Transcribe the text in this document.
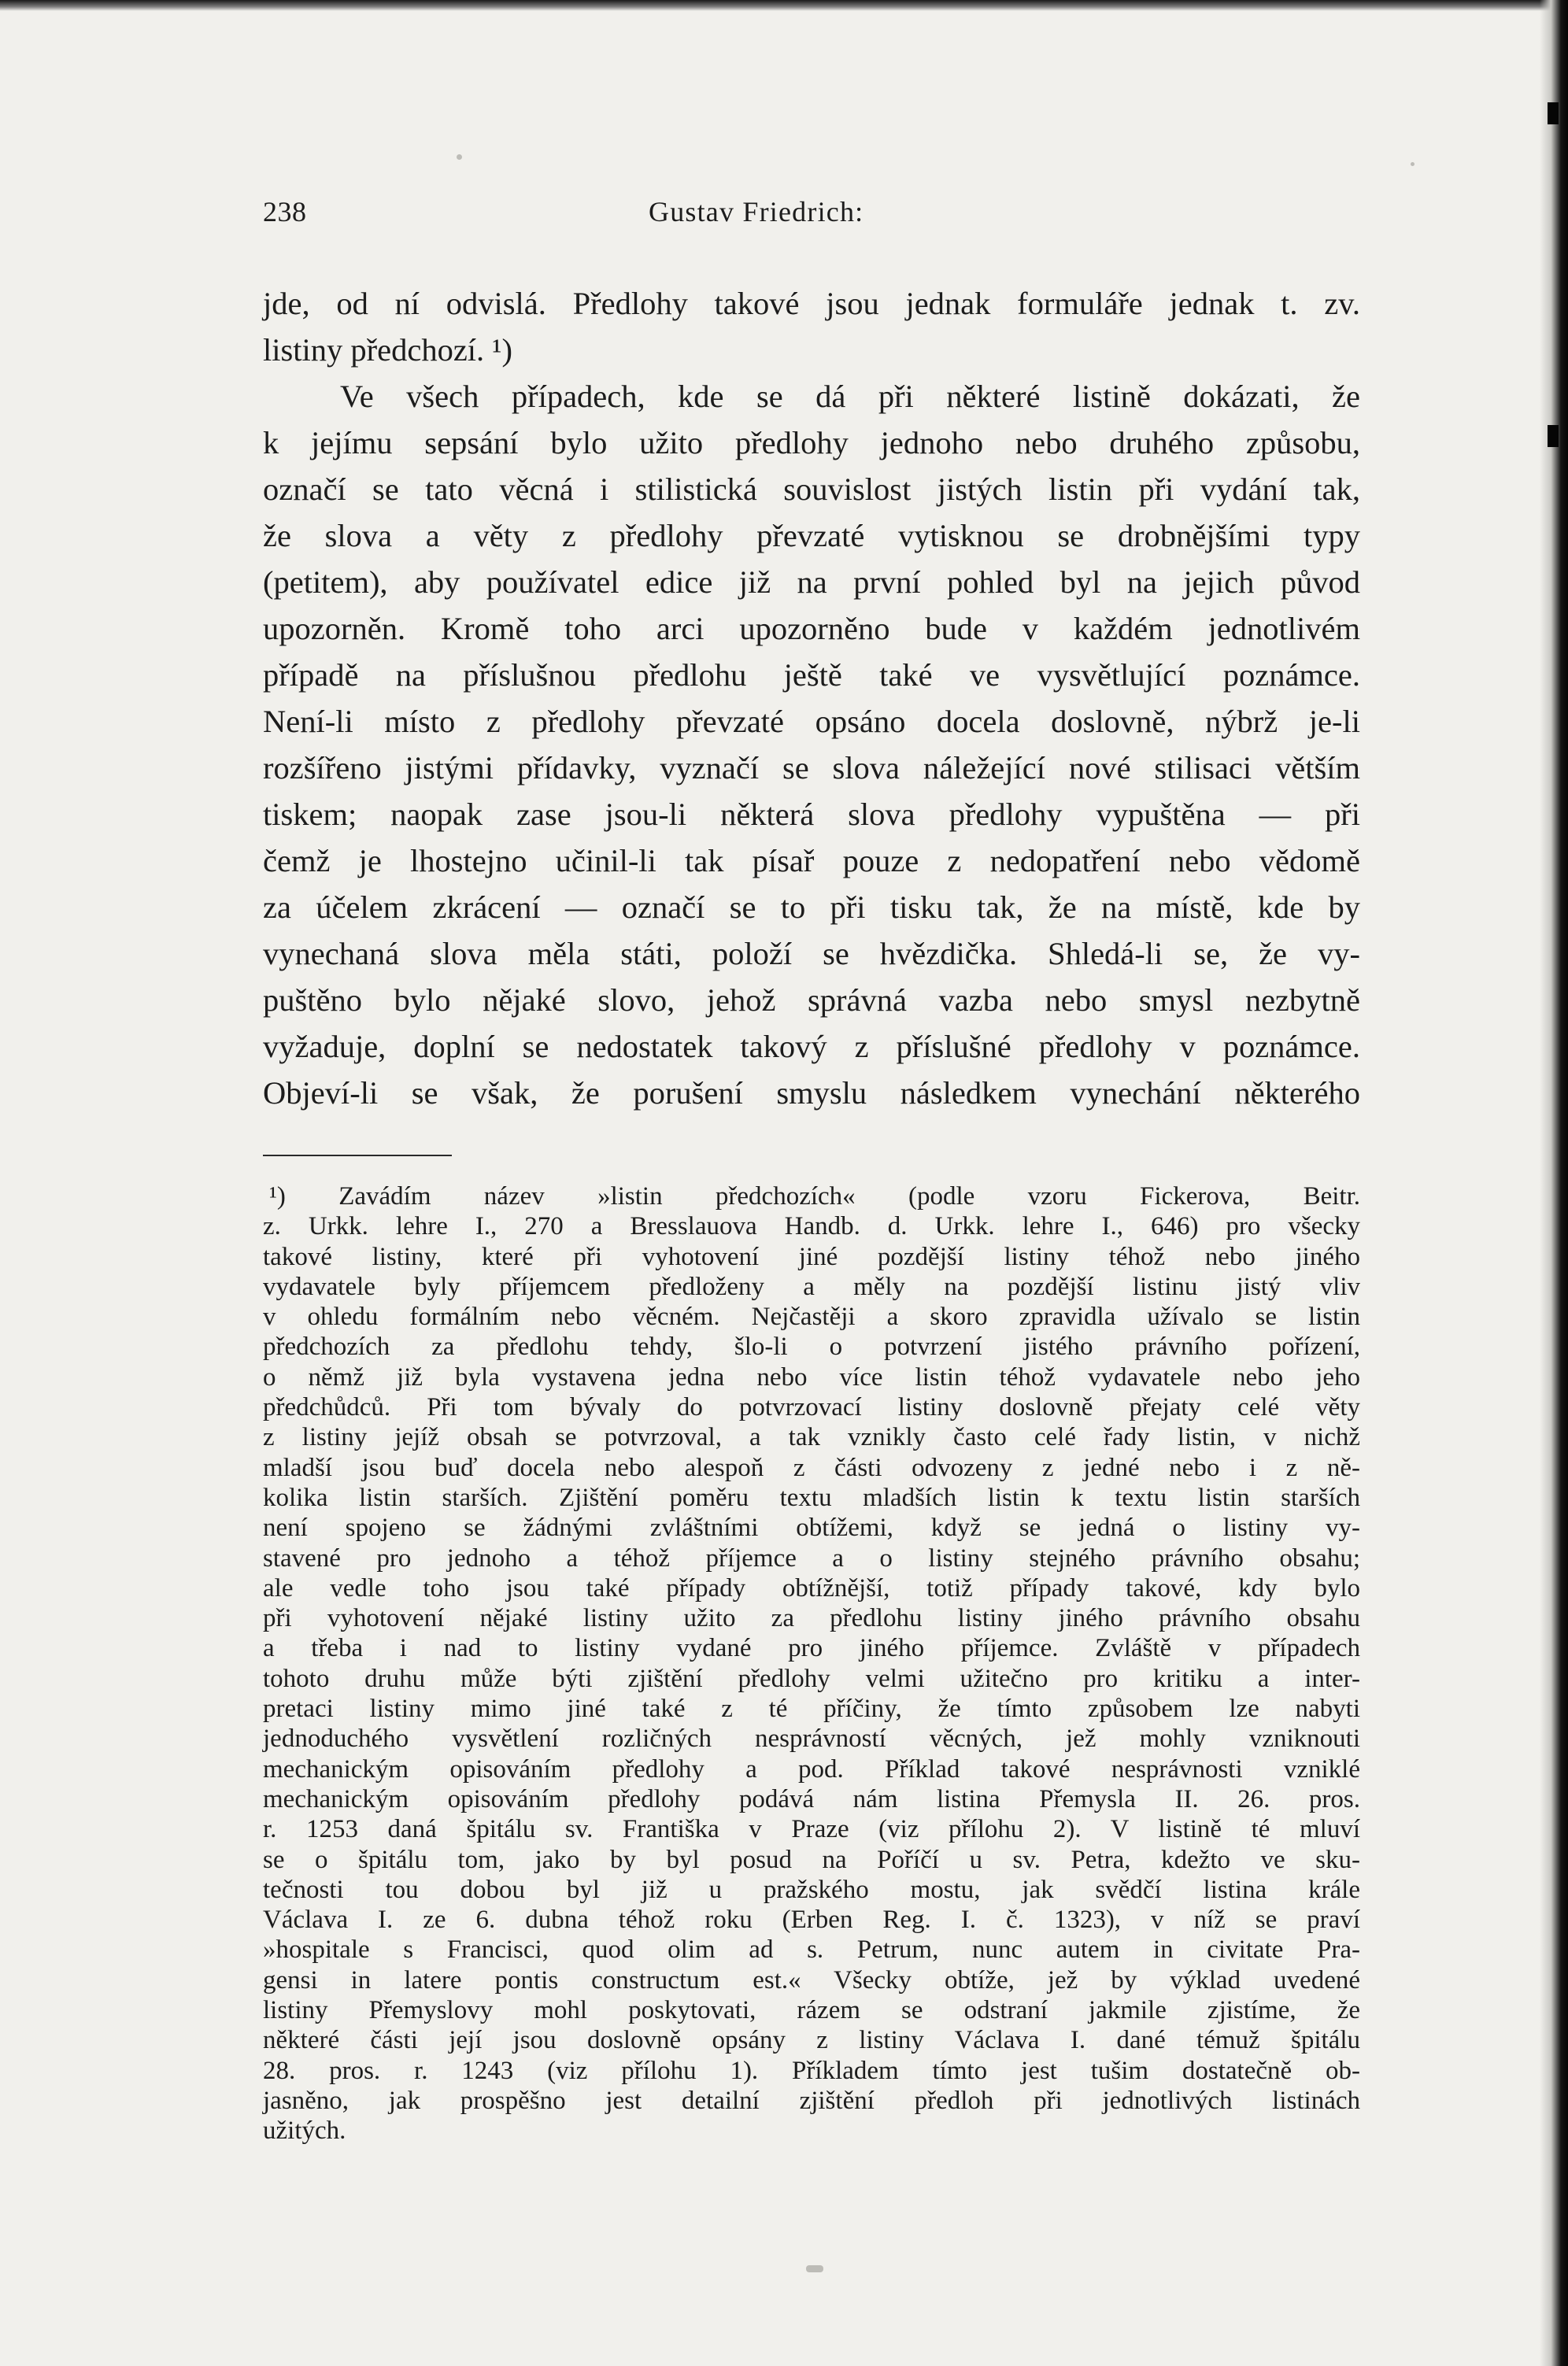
238	Gustav Friedrich:
jde, od ní odvislá. Předlohy takové jsou jednak formuláře jednak t. zv.
listiny předchozí. ¹)
Ve všech případech, kde se dá při některé listině dokázati, že
k jejímu sepsání bylo užito předlohy jednoho nebo druhého způsobu,
označí se tato věcná i stilistická souvislost jistých listin při vydání tak,
že slova a věty z předlohy převzaté vytisknou se drobnějšími typy
(petitem), aby používatel edice již na první pohled byl na jejich původ
upozorněn. Kromě toho arci upozorněno bude v každém jednotlivém
případě na příslušnou předlohu ještě také ve vysvětlující poznámce.
Není-li místo z předlohy převzaté opsáno docela doslovně, nýbrž je-li
rozšířeno jistými přídavky, vyznačí se slova náležející nové stilisaci větším
tiskem; naopak zase jsou-li některá slova předlohy vypuštěna — při
čemž je lhostejno učinil-li tak písař pouze z nedopatření nebo vědomě
za účelem zkrácení — označí se to při tisku tak, že na místě, kde by
vynechaná slova měla státi, položí se hvězdička. Shledá-li se, že vy-
puštěno bylo nějaké slovo, jehož správná vazba nebo smysl nezbytně
vyžaduje, doplní se nedostatek takový z příslušné předlohy v poznámce.
Objeví-li se však, že porušení smyslu následkem vynechání některého
¹) Zavádím název »listin předchozích« (podle vzoru Fickerova, Beitr.
z. Urkk. lehre I., 270 a Bresslauova Handb. d. Urkk. lehre I., 646) pro všecky
takové listiny, které při vyhotovení jiné pozdější listiny téhož nebo jiného
vydavatele byly příjemcem předloženy a měly na pozdější listinu jistý vliv
v ohledu formálním nebo věcném. Nejčastěji a skoro zpravidla užívalo se listin
předchozích za předlohu tehdy, šlo-li o potvrzení jistého právního pořízení,
o němž již byla vystavena jedna nebo více listin téhož vydavatele nebo jeho
předchůdců. Při tom bývaly do potvrzovací listiny doslovně přejaty celé věty
z listiny jejíž obsah se potvrzoval, a tak vznikly často celé řady listin, v nichž
mladší jsou buď docela nebo alespoň z části odvozeny z jedné nebo i z ně-
kolika listin starších. Zjištění poměru textu mladších listin k textu listin starších
není spojeno se žádnými zvláštními obtížemi, když se jedná o listiny vy-
stavené pro jednoho a téhož příjemce a o listiny stejného právního obsahu;
ale vedle toho jsou také případy obtížnější, totiž případy takové, kdy bylo
při vyhotovení nějaké listiny užito za předlohu listiny jiného právního obsahu
a třeba i nad to listiny vydané pro jiného příjemce. Zvláště v případech
tohoto druhu může býti zjištění předlohy velmi užitečno pro kritiku a inter-
pretaci listiny mimo jiné také z té příčiny, že tímto způsobem lze nabyti
jednoduchého vysvětlení rozličných nesprávností věcných, jež mohly vzniknouti
mechanickým opisováním předlohy a pod. Příklad takové nesprávnosti vzniklé
mechanickým opisováním předlohy podává nám listina Přemysla II. 26. pros.
r. 1253 daná špitálu sv. Františka v Praze (viz přílohu 2). V listině té mluví
se o špitálu tom, jako by byl posud na Poříčí u sv. Petra, kdežto ve sku-
tečnosti tou dobou byl již u pražského mostu, jak svědčí listina krále
Václava I. ze 6. dubna téhož roku (Erben Reg. I. č. 1323), v níž se praví
»hospitale s Francisci, quod olim ad s. Petrum, nunc autem in civitate Pra-
gensi in latere pontis constructum est.« Všecky obtíže, jež by výklad uvedené
listiny Přemyslovy mohl poskytovati, rázem se odstraní jakmile zjistíme, že
některé části její jsou doslovně opsány z listiny Václava I. dané témuž špitálu
28. pros. r. 1243 (viz přílohu 1). Příkladem tímto jest tušim dostatečně ob-
jasněno, jak prospěšno jest detailní zjištění předloh při jednotlivých listinách
užitých.
